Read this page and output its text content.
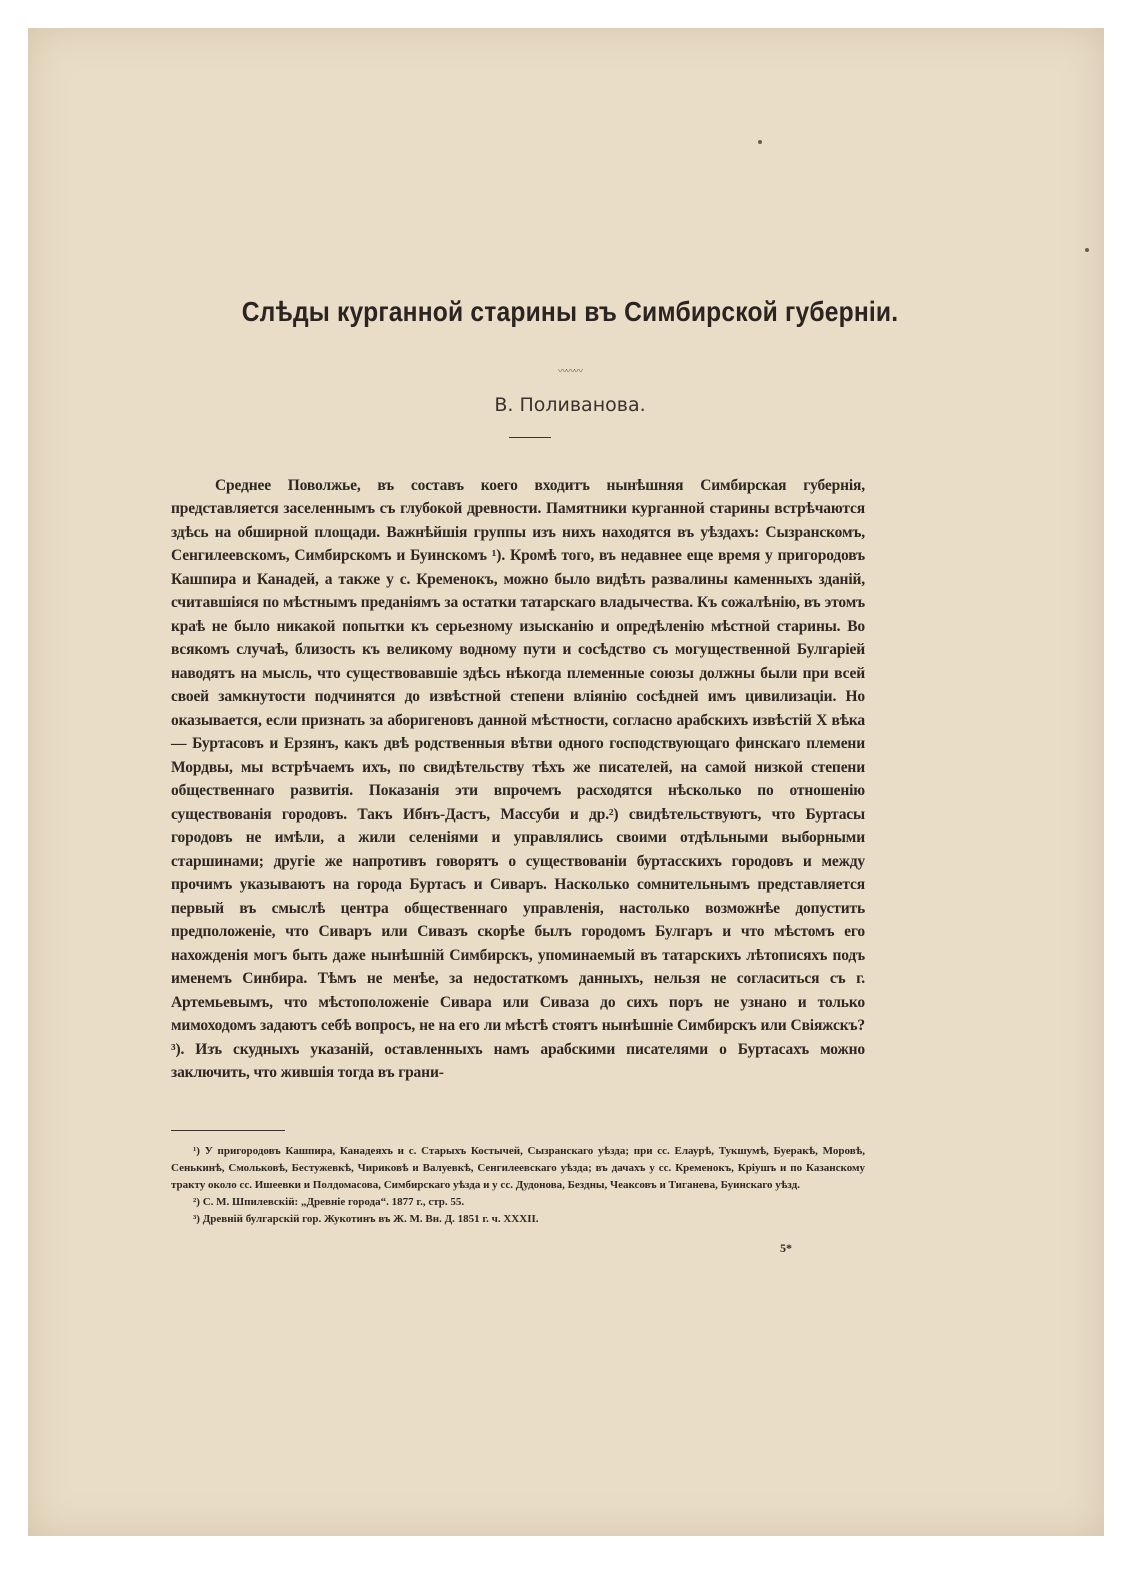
Слѣды курганной старины въ Симбирской губерніи.
〰〰〰
В. Поливанова.

Среднее Поволжье, въ составъ коего входитъ нынѣшняя Симбирская губернія, представляется заселеннымъ съ глубокой древности. Памятники курганной старины встрѣчаются здѣсь на обширной площади. Важнѣйшія группы изъ нихъ находятся въ уѣздахъ: Сызранскомъ, Сенгилеевскомъ, Симбирскомъ и Буинскомъ ¹). Кромѣ того, въ недавнее еще время у пригородовъ Кашпира и Канадей, а также у с. Кременокъ, можно было видѣть развалины каменныхъ зданій, считавшіяся по мѣстнымъ преданіямъ за остатки татарскаго владычества. Къ сожалѣнію, въ этомъ краѣ не было никакой попытки къ серьезному изысканію и опредѣленію мѣстной старины. Во всякомъ случаѣ, близость къ великому водному пути и сосѣдство съ могущественной Булгаріей наводятъ на мысль, что существовавшіе здѣсь нѣкогда племенные союзы должны были при всей своей замкнутости подчинятся до извѣстной степени вліянію сосѣдней имъ цивилизаціи. Но оказывается, если признать за аборигеновъ данной мѣстности, согласно арабскихъ извѣстій X вѣка — Буртасовъ и Ерзянъ, какъ двѣ родственныя вѣтви одного господствующаго финскаго племени Мордвы, мы встрѣчаемъ ихъ, по свидѣтельству тѣхъ же писателей, на самой низкой степени общественнаго развитія. Показанія эти впрочемъ расходятся нѣсколько по отношенію существованія городовъ. Такъ Ибнъ-Дастъ, Массуби и др.²) свидѣтельствуютъ, что Буртасы городовъ не имѣли, а жили селеніями и управлялись своими отдѣльными выборными старшинами; другіе же напротивъ говорятъ о существованіи буртасскихъ городовъ и между прочимъ указываютъ на города Буртасъ и Сиваръ. Насколько сомнительнымъ представляется первый въ смыслѣ центра общественнаго управленія, настолько возможнѣе допустить предположеніе, что Сиваръ или Сивазъ скорѣе былъ городомъ Булгаръ и что мѣстомъ его нахожденія могъ быть даже нынѣшній Симбирскъ, упоминаемый въ татарскихъ лѣтописяхъ подъ именемъ Синбира. Тѣмъ не менѣе, за недостаткомъ данныхъ, нельзя не согласиться съ г. Артемьевымъ, что мѣстоположеніе Сивара или Сиваза до сихъ поръ не узнано и только мимоходомъ задаютъ себѣ вопросъ, не на его ли мѣстѣ стоятъ нынѣшніе Симбирскъ или Свіяжскъ?³). Изъ скудныхъ указаній, оставленныхъ намъ арабскими писателями о Буртасахъ можно заключить, что жившія тогда въ грани-

¹) У пригородовъ Кашпира, Канадеяхъ и с. Старыхъ Костычей, Сызранскаго уѣзда; при сс. Елаурѣ, Тукшумѣ, Буеракѣ, Моровѣ, Сенькинѣ, Смольковѣ, Бестужевкѣ, Чириковѣ и Валуевкѣ, Сенгилеевскаго уѣзда; въ дачахъ у сс. Кременокъ, Крiушъ и по Казанскому тракту около сс. Ишеевки и Полдомасова, Симбирскаго уѣзда и у сс. Дудонова, Бездны, Чеаксовъ и Тиганева, Буинскаго уѣзд.

²) С. М. Шпилевскій: „Древніе города“. 1877 г., стр. 55.

³) Древній булгарскій гор. Жукотинъ въ Ж. М. Вн. Д. 1851 г. ч. XXXII.

5*
